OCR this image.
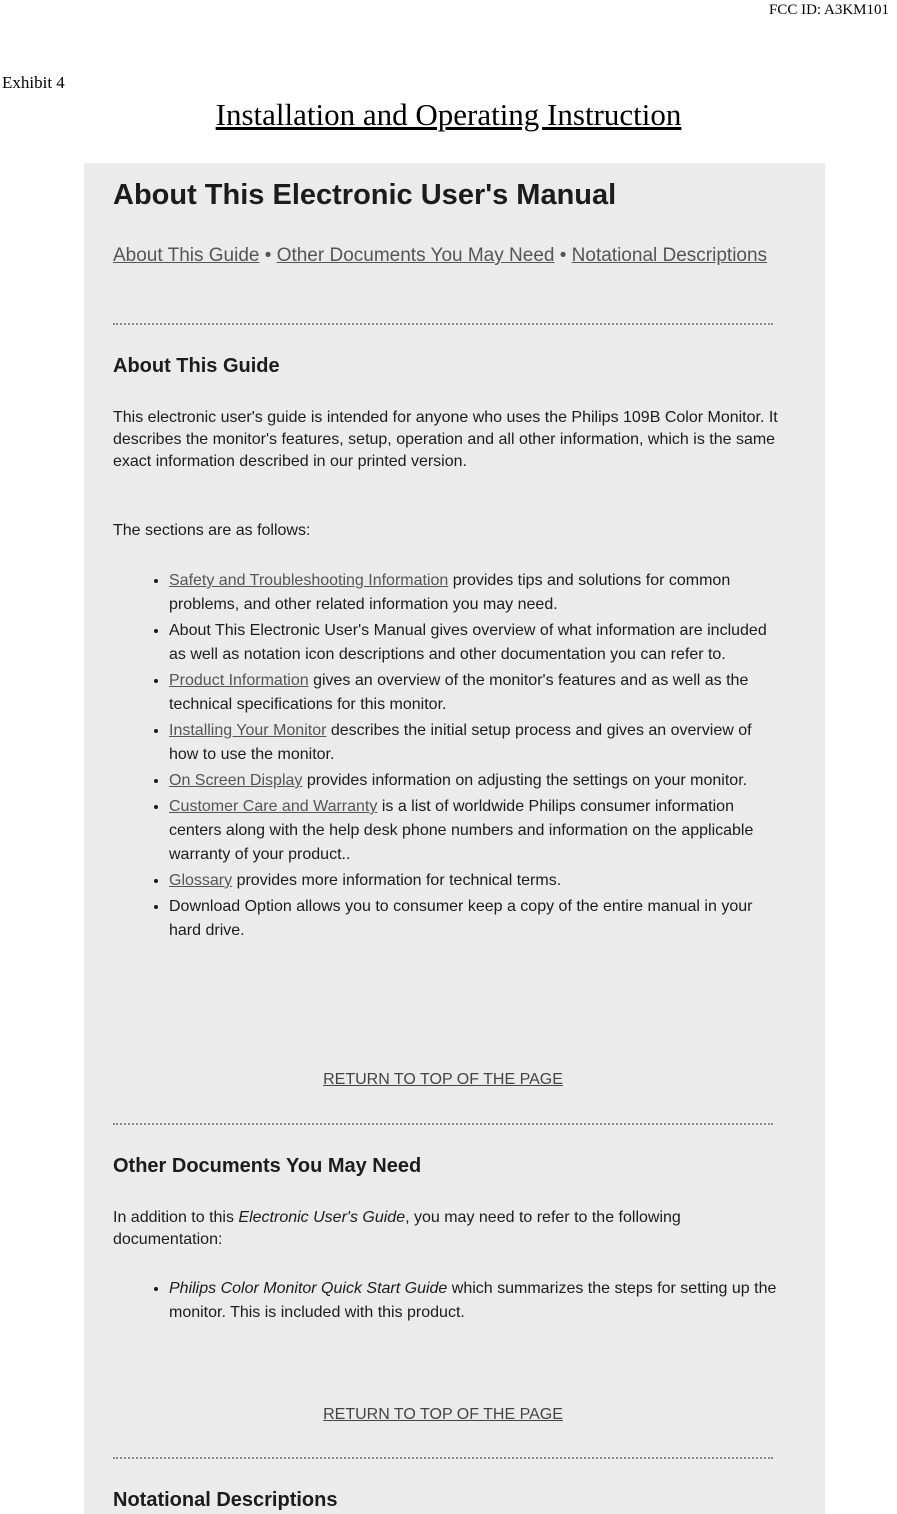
FCC ID: A3KM101
Exhibit 4
Installation and Operating Instruction
About This Electronic User's Manual
About This Guide • Other Documents You May Need • Notational Descriptions
About This Guide
This electronic user's guide is intended for anyone who uses the Philips 109B Color Monitor. It describes the monitor's features, setup, operation and all other information, which is the same exact information described in our printed version.
The sections are as follows:
• Safety and Troubleshooting Information provides tips and solutions for common problems, and other related information you may need.
• About This Electronic User's Manual gives overview of what information are included as well as notation icon descriptions and other documentation you can refer to.
• Product Information gives an overview of the monitor's features and as well as the technical specifications for this monitor.
• Installing Your Monitor describes the initial setup process and gives an overview of how to use the monitor.
• On Screen Display provides information on adjusting the settings on your monitor.
• Customer Care and Warranty is a list of worldwide Philips consumer information centers along with the help desk phone numbers and information on the applicable warranty of your product..
• Glossary provides more information for technical terms.
• Download Option allows you to consumer keep a copy of the entire manual in your hard drive.
RETURN TO TOP OF THE PAGE
Other Documents You May Need
In addition to this Electronic User's Guide, you may need to refer to the following documentation:
• Philips Color Monitor Quick Start Guide which summarizes the steps for setting up the monitor. This is included with this product.
RETURN TO TOP OF THE PAGE
Notational Descriptions
